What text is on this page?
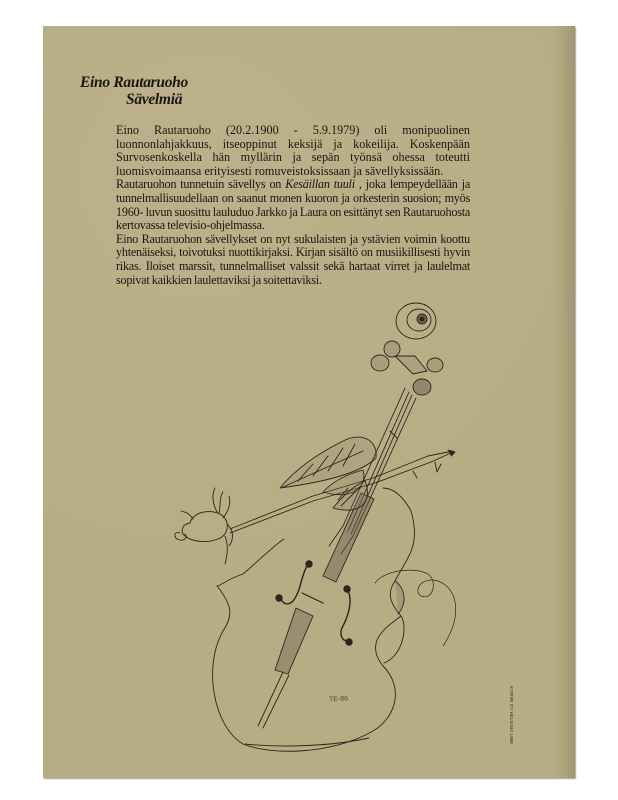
Eino Rautaruoho
Sävelmiä

Eino Rautaruoho (20.2.1900 - 5.9.1979) oli monipuolinen luonnonlahjakkuus, itseoppinut keksijä ja kokeilija. Koskenpään Survosenkoskella hän myllärin ja sepän työnsä ohessa toteutti luomisvoimaansa erityisesti romuveistoksissaan ja sävellyksissään.

Rautaruohon tunnetuin sävellys on Kesäillan tuuli , joka lempeydellään ja tunnelmallisuudellaan on saanut monen kuoron ja orkesterin suosion; myös 1960- luvun suosittu lauluduo Jarkko ja Laura on esittänyt sen Rautaruohosta kertovassa televisio-ohjelmassa.

Eino Rautaruohon sävellykset on nyt sukulaisten ja ystävien voimin koottu yhtenäiseksi, toivotuksi nuottikirjaksi. Kirjan sisältö on musiikillisesti hyvin rikas. Iloiset marssit, tunnelmalliset valssit sekä hartaat virret ja laulelmat sopivat kaikkien laulettaviksi ja soitettaviksi.

TE-86	KYRIIRI OY HELSINKI 1988
